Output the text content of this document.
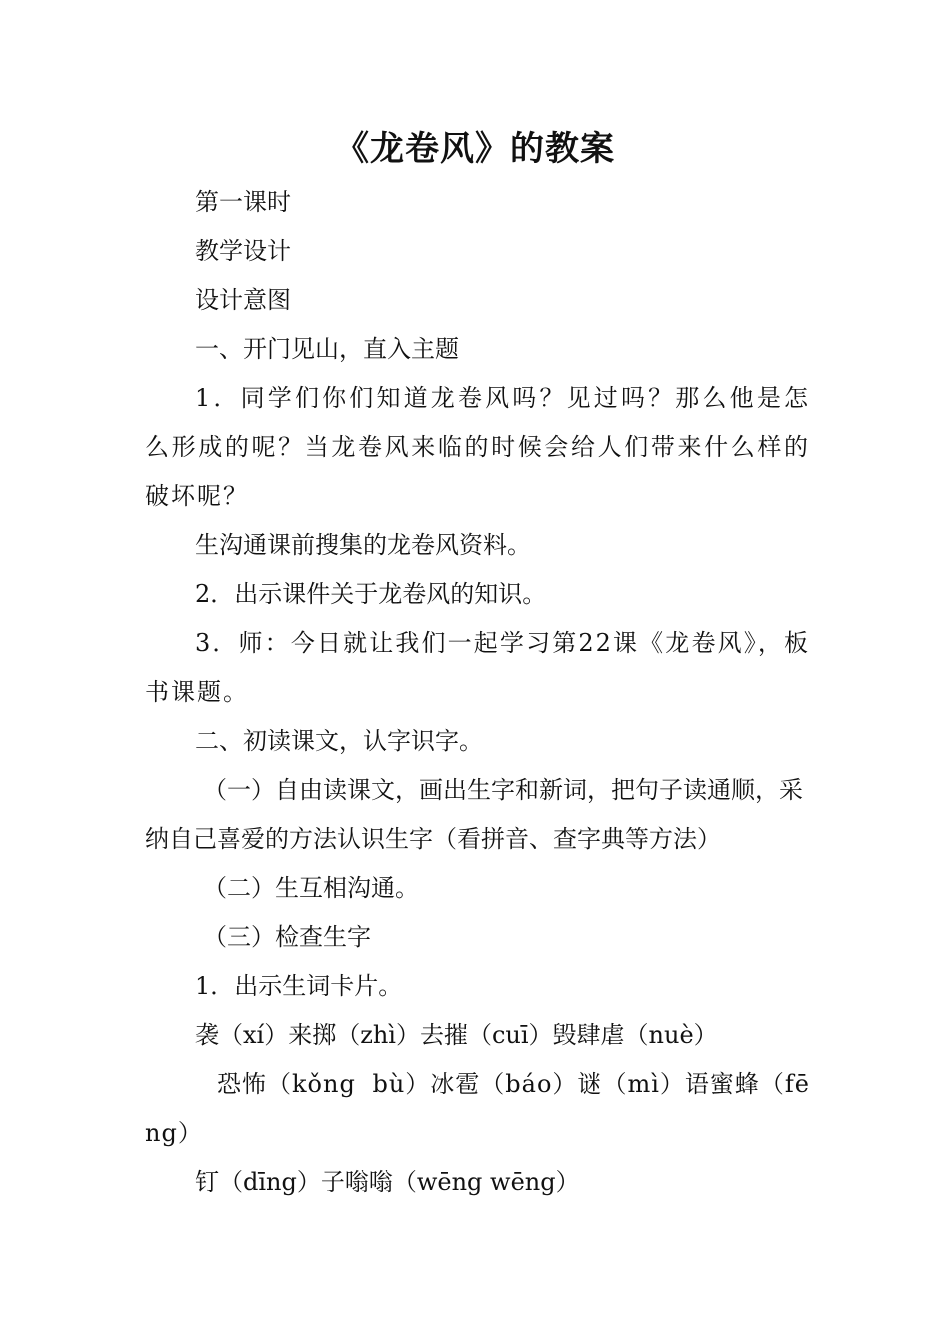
《龙卷风》的教案

第一课时

教学设计

设计意图

一、开门见山，直入主题

1．同学们你们知道龙卷风吗？见过吗？那么他是怎么形成的呢？当龙卷风来临的时候会给人们带来什么样的破坏呢？

生沟通课前搜集的龙卷风资料。

2．出示课件关于龙卷风的知识。

3．师：今日就让我们一起学习第22课《龙卷风》，板书课题。

二、初读课文，认字识字。

（一）自由读课文，画出生字和新词，把句子读通顺，采纳自己喜爱的方法认识生字（看拼音、查字典等方法）

（二）生互相沟通。

（三）检查生字

1．出示生词卡片。

袭（xí）来掷（zhì）去摧（cuī）毁肆虐（nuè）

恐怖（kǒng bù）冰雹（báo）谜（mì）语蜜蜂（fēng）

钉（dīng）子嗡嗡（wēng wēng）
